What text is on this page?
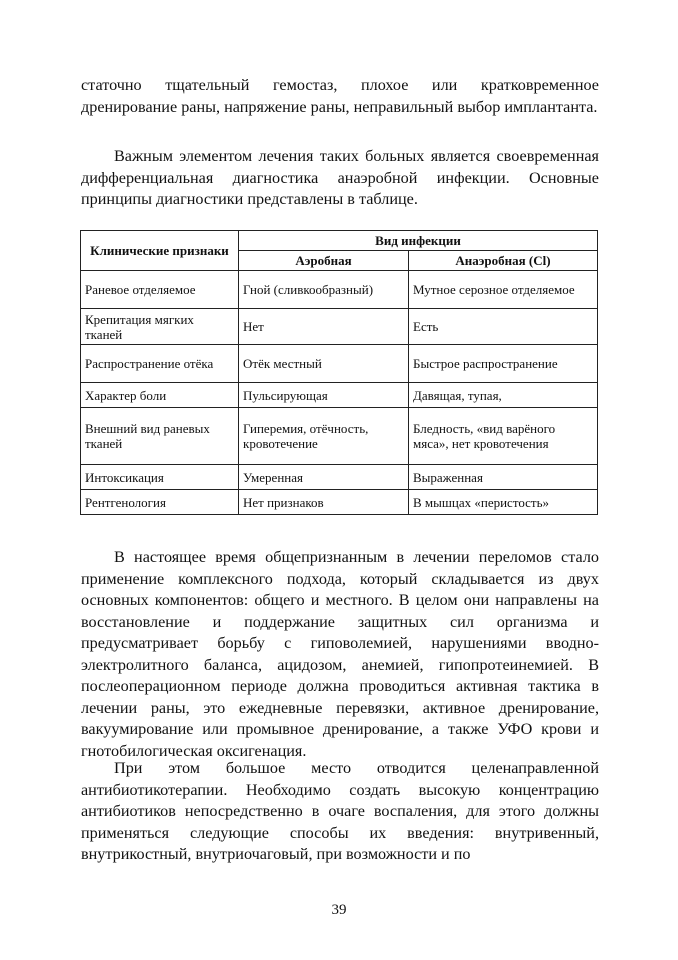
статочно тщательный гемостаз, плохое или кратковременное дренирование раны, напряжение раны, неправильный выбор имплантанта.

Важным элементом лечения таких больных является своевременная дифференциальная диагностика анаэробной инфекции. Основные принципы диагностики представлены в таблице.

Клинические признаки	Вид инфекции	
	Аэробная	Анаэробная (Cl)
Раневое отделяемое	Гной (сливкообразный)	Мутное серозное отделяемое
Крепитация мягких тканей	Нет	Есть
Распространение отёка	Отёк местный	Быстрое распространение
Характер боли	Пульсирующая	Давящая, тупая,
Внешний вид раневых тканей	Гиперемия, отёчность, кровотечение	Бледность, «вид варёного мяса», нет кровотечения
Интоксикация	Умеренная	Выраженная
Рентгенология	Нет признаков	В мышцах «перистость»

В настоящее время общепризнанным в лечении переломов стало применение комплексного подхода, который складывается из двух основных компонентов: общего и местного. В целом они направлены на восстановление и поддержание защитных сил организма и предусматривает борьбу с гиповолемией, нарушениями вводно-электролитного баланса, ацидозом, анемией, гипопротеинемией. В послеоперационном периоде должна проводиться активная тактика в лечении раны, это ежедневные перевязки, активное дренирование, вакуумирование или промывное дренирование, а также УФО крови и гнотобилогическая оксигенация.

При этом большое место отводится целенаправленной антибиотикотерапии. Необходимо создать высокую концентрацию антибиотиков непосредственно в очаге воспаления, для этого должны применяться следующие способы их введения: внутривенный, внутрикостный, внутриочаговый, при возможности и по

39
